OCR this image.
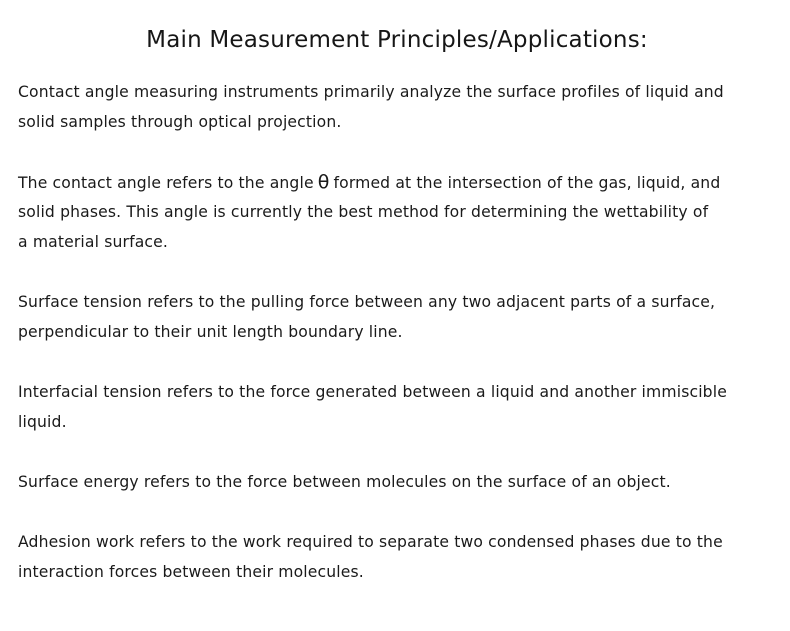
Main Measurement Principles/Applications:

Contact angle measuring instruments primarily analyze the surface profiles of liquid and
solid samples through optical projection.

The contact angle refers to the angle θ formed at the intersection of the gas, liquid, and
solid phases. This angle is currently the best method for determining the wettability of
a material surface.

Surface tension refers to the pulling force between any two adjacent parts of a surface,
perpendicular to their unit length boundary line.

Interfacial tension refers to the force generated between a liquid and another immiscible
liquid.

Surface energy refers to the force between molecules on the surface of an object.

Adhesion work refers to the work required to separate two condensed phases due to the
interaction forces between their molecules.
